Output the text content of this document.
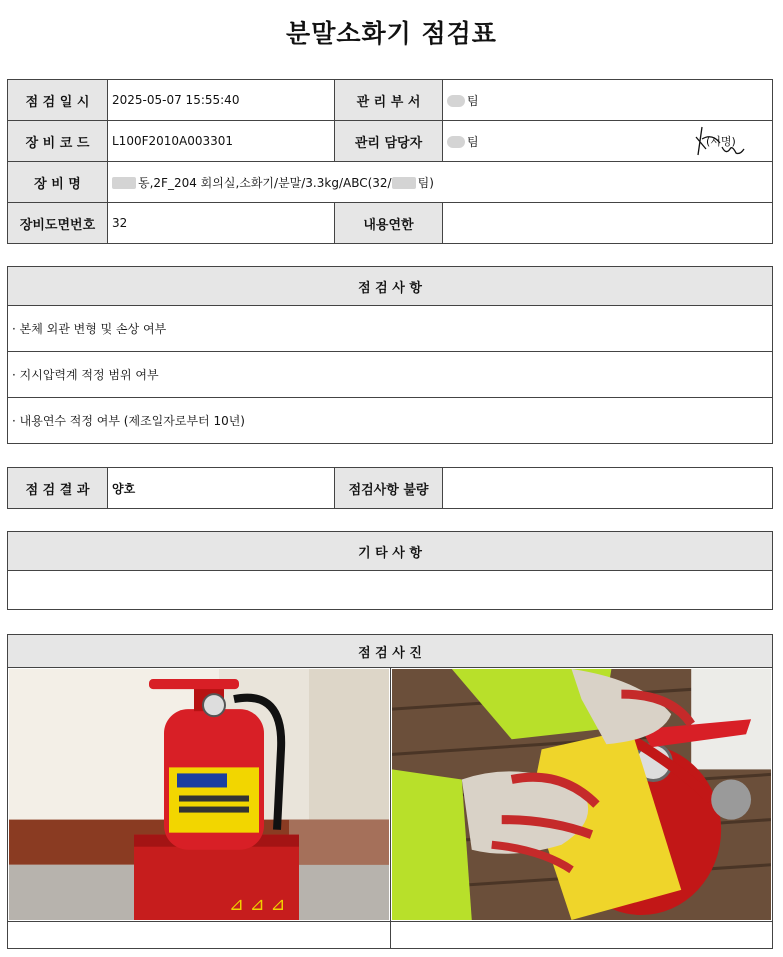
분말소화기 점검표
점 검 일 시	2025-05-07 15:55:40	관 리 부 서	팀
장 비 코 드	L100F2010A003301	관리 담당자	팀 (서명)

장 비 명	동,2F_204 회의실,소화기/분말/3.3kg/ABC(32/ 팀)		
장비도면번호	32	내용연한	
점 검 사 항
· 본체 외관 변형 및 손상 여부
· 지시압력계 적정 범위 여부
· 내용연수 적정 여부 (제조일자로부터 10년)
점 검 결 과	양호	점검사항 불량	
기 타 사 항

점 검 사 진	

⊿ ⊿ ⊿
